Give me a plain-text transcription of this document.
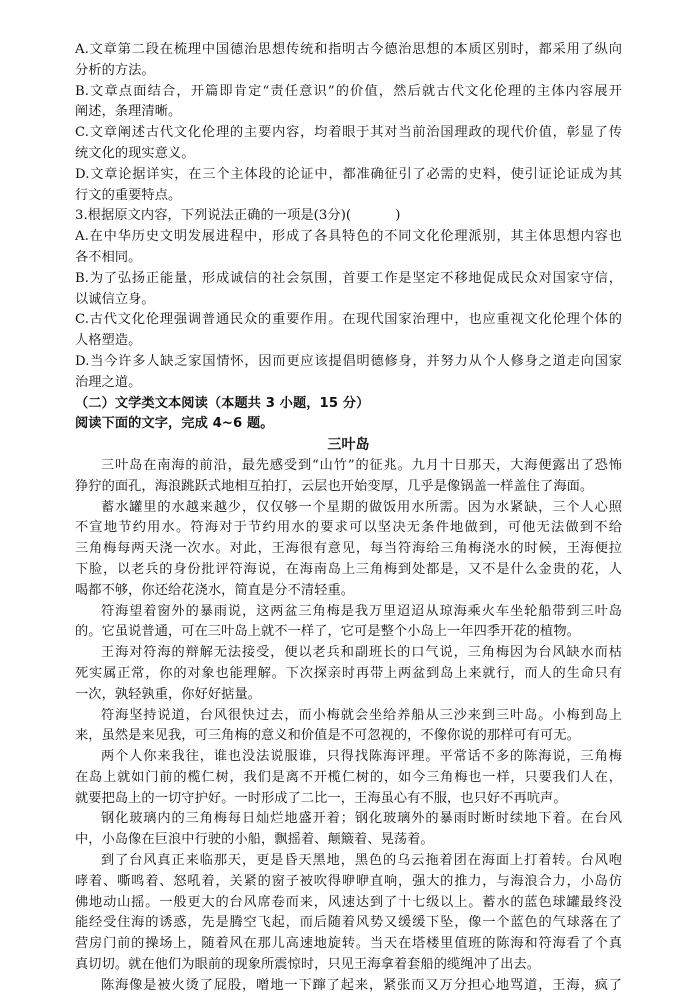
A.文章第二段在梳理中国德治思想传统和指明古今德治思想的本质区别时，都采用了纵向
分析的方法。
B.文章点面结合，开篇即肯定“责任意识”的价值，然后就古代文化伦理的主体内容展开
阐述，条理清晰。
C.文章阐述古代文化伦理的主要内容，均着眼于其对当前治国理政的现代价值，彰显了传
统文化的现实意义。
D.文章论据详实，在三个主体段的论证中，都准确征引了必需的史料，使引证论证成为其
行文的重要特点。
3.根据原文内容，下列说法正确的一项是(3分)(	)
A.在中华历史文明发展进程中，形成了各具特色的不同文化伦理派别，其主体思想内容也
各不相同。
B.为了弘扬正能量，形成诚信的社会氛围，首要工作是坚定不移地促成民众对国家守信，
以诚信立身。
C.古代文化伦理强调普通民众的重要作用。在现代国家治理中，也应重视文化伦理个体的
人格塑造。
D.当今许多人缺乏家国情怀，因而更应该提倡明德修身，并努力从个人修身之道走向国家
治理之道。
（二）文学类文本阅读（本题共 3 小题，15 分）
阅读下面的文字，完成 4~6 题。
三叶岛
三叶岛在南海的前沿，最先感受到“山竹”的征兆。九月十日那天，大海便露出了恐怖
狰狞的面孔，海浪跳跃式地相互拍打，云层也开始变厚，几乎是像锅盖一样盖住了海面。
蓄水罐里的水越来越少，仅仅够一个星期的做饭用水所需。因为水紧缺，三个人心照
不宣地节约用水。符海对于节约用水的要求可以坚决无条件地做到，可他无法做到不给
三角梅每两天浇一次水。对此，王海很有意见，每当符海给三角梅浇水的时候，王海便拉
下脸，以老兵的身份批评符海说，在海南岛上三角梅到处都是，又不是什么金贵的花，人
喝都不够，你还给花浇水，简直是分不清轻重。
符海望着窗外的暴雨说，这两盆三角梅是我万里迢迢从琼海乘火车坐轮船带到三叶岛
的。它虽说普通，可在三叶岛上就不一样了，它可是整个小岛上一年四季开花的植物。
王海对符海的辩解无法接受，便以老兵和副班长的口气说，三角梅因为台风缺水而枯
死实属正常，你的对象也能理解。下次探亲时再带上两盆到岛上来就行，而人的生命只有
一次，孰轻孰重，你好好掂量。
符海坚持说道，台风很快过去，而小梅就会坐给养船从三沙来到三叶岛。小梅到岛上
来，虽然是来见我，可三角梅的意义和价值是不可忽视的，不像你说的那样可有可无。
两个人你来我往，谁也没法说服谁，只得找陈海评理。平常话不多的陈海说，三角梅
在岛上就如门前的榄仁树，我们是离不开榄仁树的，如今三角梅也一样，只要我们人在，
就要把岛上的一切守护好。一时形成了二比一，王海虽心有不服，也只好不再吭声。
钢化玻璃内的三角梅每日灿烂地盛开着；钢化玻璃外的暴雨时断时续地下着。在台风
中，小岛像在巨浪中行驶的小船，飘摇着、颠簸着、晃荡着。
到了台风真正来临那天，更是昏天黑地，黑色的乌云拖着团在海面上打着转。台风咆
哮着、嘶鸣着、怒吼着，关紧的窗子被吹得咿咿直响，强大的推力，与海浪合力，小岛仿
佛地动山摇。一般更大的台风席卷而来，风速达到了十七级以上。蓄水的蓝色球罐最终没
能经受住海的诱惑，先是腾空飞起，而后随着风势又缓缓下坠，像一个蓝色的气球落在了
营房门前的操场上，随着风在那儿高速地旋转。当天在塔楼里值班的陈海和符海看了个真
真切切。就在他们为眼前的现象所震惊时，只见王海拿着套船的缆绳冲了出去。
陈海像是被火烫了屁股，噌地一下蹿了起来，紧张而又万分担心地骂道，王海，疯了
